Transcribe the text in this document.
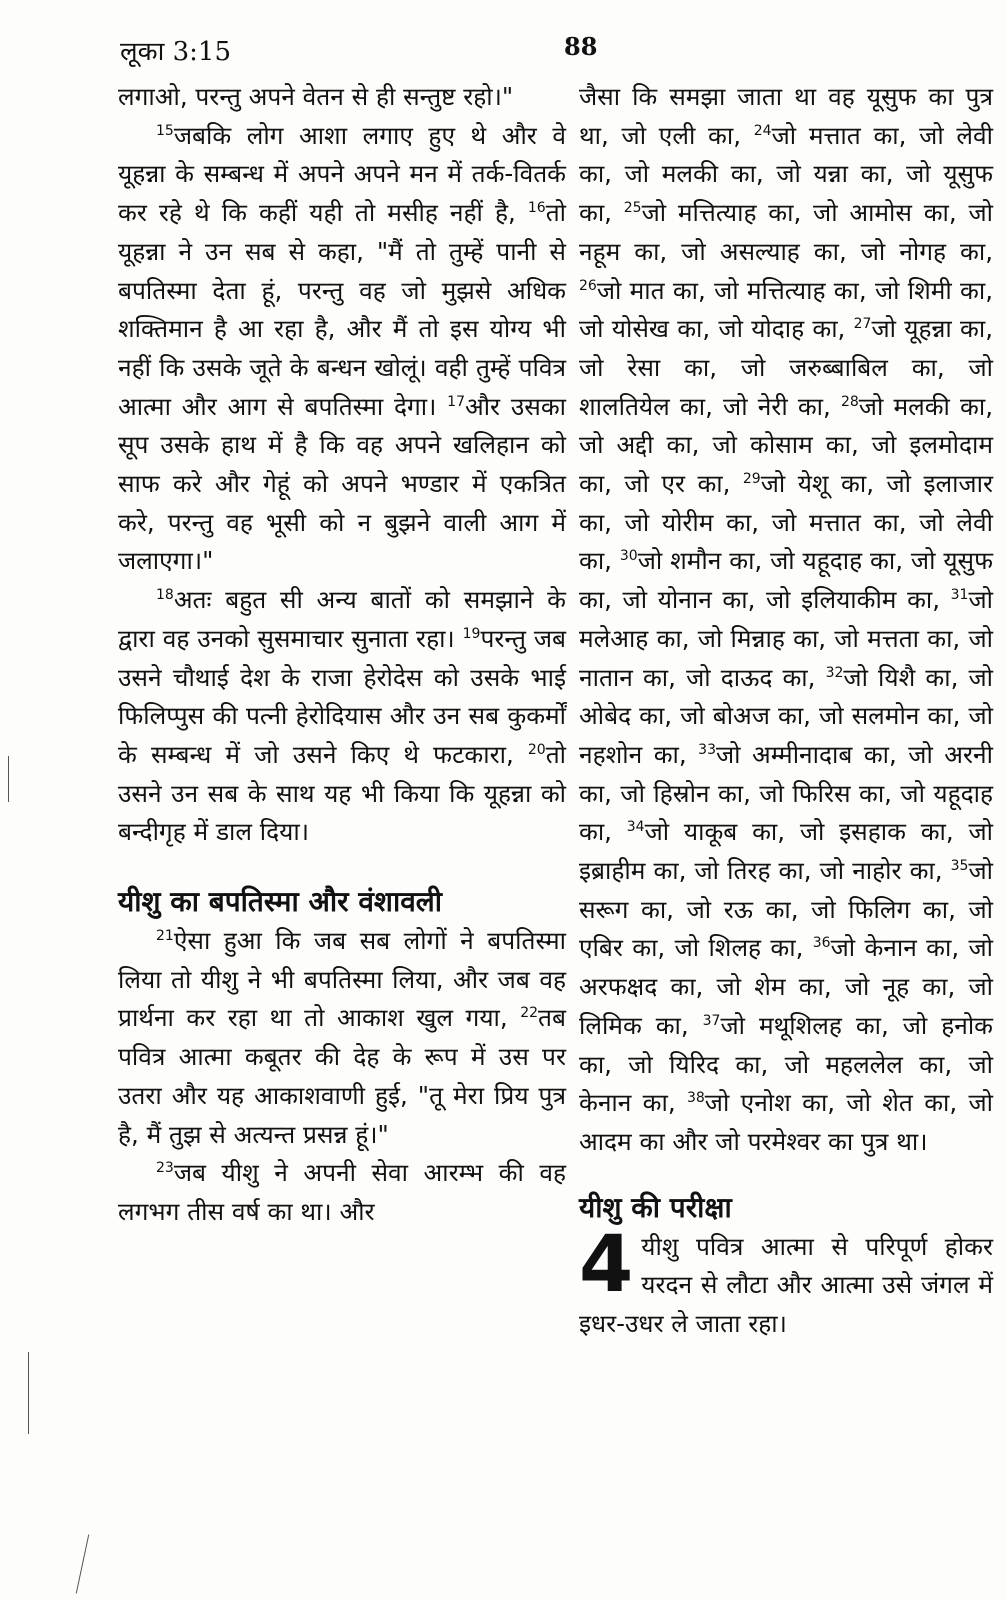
लूका 3:15	88

लगाओ, परन्तु अपने वेतन से ही सन्तुष्ट रहो।"

$^{15}$जबकि लोग आशा लगाए हुए थे और वे यूहन्ना के सम्बन्ध में अपने अपने मन में तर्क-वितर्क कर रहे थे कि कहीं यही तो मसीह नहीं है, $^{16}$तो यूहन्ना ने उन सब से कहा, "मैं तो तुम्हें पानी से बपतिस्मा देता हूं, परन्तु वह जो मुझसे अधिक शक्तिमान है आ रहा है, और मैं तो इस योग्य भी नहीं कि उसके जूते के बन्धन खोलूं। वही तुम्हें पवित्र आत्मा और आग से बपतिस्मा देगा। $^{17}$और उसका सूप उसके हाथ में है कि वह अपने खलिहान को साफ करे और गेहूं को अपने भण्डार में एकत्रित करे, परन्तु वह भूसी को न बुझने वाली आग में जलाएगा।"

$^{18}$अतः बहुत सी अन्य बातों को समझाने के द्वारा वह उनको सुसमाचार सुनाता रहा। $^{19}$परन्तु जब उसने चौथाई देश के राजा हेरोदेस को उसके भाई फिलिप्पुस की पत्नी हेरोदियास और उन सब कुकर्मों के सम्बन्ध में जो उसने किए थे फटकारा, $^{20}$तो उसने उन सब के साथ यह भी किया कि यूहन्ना को बन्दीगृह में डाल दिया।

यीशु का बपतिस्मा और वंशावली

$^{21}$ऐसा हुआ कि जब सब लोगों ने बपतिस्मा लिया तो यीशु ने भी बपतिस्मा लिया, और जब वह प्रार्थना कर रहा था तो आकाश खुल गया, $^{22}$तब पवित्र आत्मा कबूतर की देह के रूप में उस पर उतरा और यह आकाशवाणी हुई, "तू मेरा प्रिय पुत्र है, मैं तुझ से अत्यन्त प्रसन्न हूं।"

$^{23}$जब यीशु ने अपनी सेवा आरम्भ की वह लगभग तीस वर्ष का था। और

जैसा कि समझा जाता था वह यूसुफ का पुत्र था, जो एली का, $^{24}$जो मत्तात का, जो लेवी का, जो मलकी का, जो यन्ना का, जो यूसुफ का, $^{25}$जो मत्तित्याह का, जो आमोस का, जो नहूम का, जो असल्याह का, जो नोगह का, $^{26}$जो मात का, जो मत्तित्याह का, जो शिमी का, जो योसेख का, जो योदाह का, $^{27}$जो यूहन्ना का, जो रेसा का, जो जरुब्बाबिल का, जो शालतियेल का, जो नेरी का, $^{28}$जो मलकी का, जो अद्दी का, जो कोसाम का, जो इलमोदाम का, जो एर का, $^{29}$जो येशू का, जो इलाजार का, जो योरीम का, जो मत्तात का, जो लेवी का, $^{30}$जो शमौन का, जो यहूदाह का, जो यूसुफ का, जो योनान का, जो इलियाकीम का, $^{31}$जो मलेआह का, जो मिन्नाह का, जो मत्तता का, जो नातान का, जो दाऊद का, $^{32}$जो यिशै का, जो ओबेद का, जो बोअज का, जो सलमोन का, जो नहशोन का, $^{33}$जो अम्मीनादाब का, जो अरनी का, जो हिस्रोन का, जो फिरिस का, जो यहूदाह का, $^{34}$जो याकूब का, जो इसहाक का, जो इब्राहीम का, जो तिरह का, जो नाहोर का, $^{35}$जो सरूग का, जो रऊ का, जो फिलिग का, जो एबिर का, जो शिलह का, $^{36}$जो केनान का, जो अरफक्षद का, जो शेम का, जो नूह का, जो लिमिक का, $^{37}$जो मथूशिलह का, जो हनोक का, जो यिरिद का, जो महललेल का, जो केनान का, $^{38}$जो एनोश का, जो शेत का, जो आदम का और जो परमेश्वर का पुत्र था।

यीशु की परीक्षा

4 यीशु पवित्र आत्मा से परिपूर्ण होकर यरदन से लौटा और आत्मा उसे जंगल में इधर-उधर ले जाता रहा।
